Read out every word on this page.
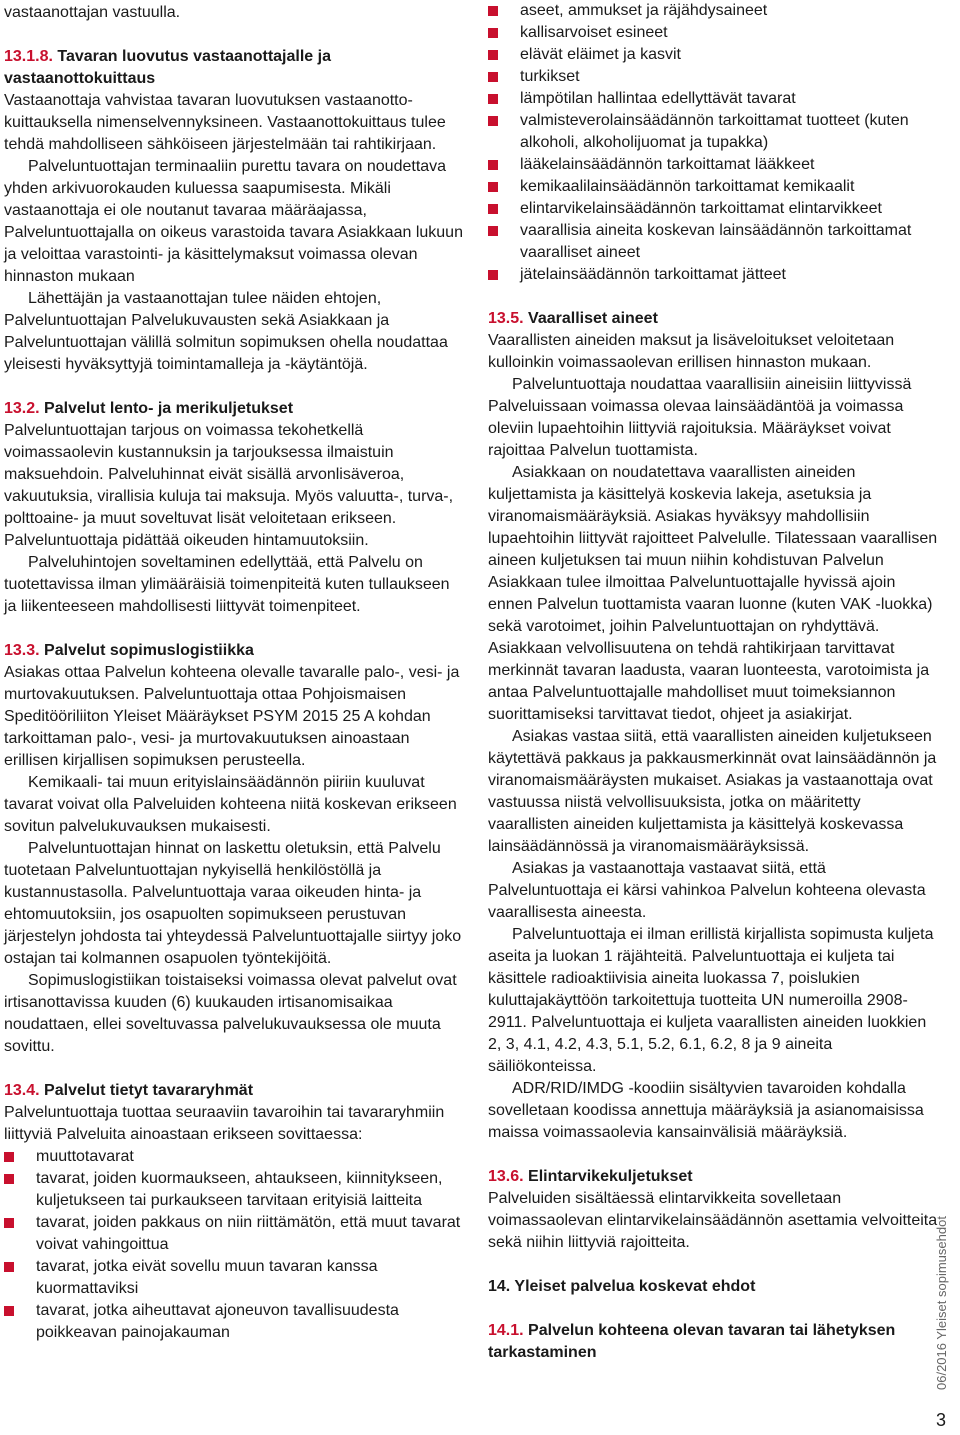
vastaanottajan vastuulla.

13.1.8. Tavaran luovutus vastaanottajalle ja vastaanottokuittaus

Vastaanottaja vahvistaa tavaran luovutuksen vastaanotto-kuittauksella nimenselvennyksineen. Vastaanottokuittaus tulee tehdä mahdolliseen sähköiseen järjestelmään tai rahtikirjaan.

Palveluntuottajan terminaaliin purettu tavara on noudettava yhden arkivuorokauden kuluessa saapumisesta. Mikäli vastaanottaja ei ole noutanut tavaraa määräajassa, Palveluntuottajalla on oikeus varastoida tavara Asiakkaan lukuun ja veloittaa varastointi- ja käsittelymaksut voimassa olevan hinnaston mukaan

Lähettäjän ja vastaanottajan tulee näiden ehtojen, Palveluntuottajan Palvelukuvausten sekä Asiakkaan ja Palveluntuottajan välillä solmitun sopimuksen ohella noudattaa yleisesti hyväksyttyjä toimintamalleja ja -käytäntöjä.

13.2. Palvelut lento- ja merikuljetukset

Palveluntuottajan tarjous on voimassa tekohetkellä voimassaolevin kustannuksin ja tarjouksessa ilmaistuin maksuehdoin. Palveluhinnat eivät sisällä arvonlisäveroa, vakuutuksia, virallisia kuluja tai maksuja. Myös valuutta-, turva-, polttoaine- ja muut soveltuvat lisät veloitetaan erikseen. Palveluntuottaja pidättää oikeuden hintamuutoksiin.

Palveluhintojen soveltaminen edellyttää, että Palvelu on tuotettavissa ilman ylimääräisiä toimenpiteitä kuten tullaukseen ja liikenteeseen mahdollisesti liittyvät toimenpiteet.

13.3. Palvelut sopimuslogistiikka

Asiakas ottaa Palvelun kohteena olevalle tavaralle palo-, vesi- ja murtovakuutuksen. Palveluntuottaja ottaa Pohjoismaisen Speditööriliiton Yleiset Määräykset PSYM 2015 25 A kohdan tarkoittaman palo-, vesi- ja murtovakuutuksen ainoastaan erillisen kirjallisen sopimuksen perusteella.

Kemikaali- tai muun erityislainsäädännön piiriin kuuluvat tavarat voivat olla Palveluiden kohteena niitä koskevan erikseen sovitun palvelukuvauksen mukaisesti.

Palveluntuottajan hinnat on laskettu oletuksin, että Palvelu tuotetaan Palveluntuottajan nykyisellä henkilöstöllä ja kustannustasolla. Palveluntuottaja varaa oikeuden hinta- ja ehtomuutoksiin, jos osapuolten sopimukseen perustuvan järjestelyn johdosta tai yhteydessä Palveluntuottajalle siirtyy joko ostajan tai kolmannen osapuolen työntekijöitä.

Sopimuslogistiikan toistaiseksi voimassa olevat palvelut ovat irtisanottavissa kuuden (6) kuukauden irtisanomisaikaa noudattaen, ellei soveltuvassa palvelukuvauksessa ole muuta sovittu.

13.4. Palvelut tietyt tavararyhmät

Palveluntuottaja tuottaa seuraaviin tavaroihin tai tavararyhmiin liittyviä Palveluita ainoastaan erikseen sovittaessa:

muuttotavarat
tavarat, joiden kuormaukseen, ahtaukseen, kiinnitykseen, kuljetukseen tai purkaukseen tarvitaan erityisiä laitteita
tavarat, joiden pakkaus on niin riittämätön, että muut tavarat voivat vahingoittua
tavarat, jotka eivät sovellu muun tavaran kanssa kuormattaviksi
tavarat, jotka aiheuttavat ajoneuvon tavallisuudesta poikkeavan painojakauman
aseet, ammukset ja räjähdysaineet
kallisarvoiset esineet
elävät eläimet ja kasvit
turkikset
lämpötilan hallintaa edellyttävät tavarat
valmisteverolainsäädännön tarkoittamat tuotteet (kuten alkoholi, alkoholijuomat ja tupakka)
lääkelainsäädännön tarkoittamat lääkkeet
kemikaalilainsäädännön tarkoittamat kemikaalit
elintarvikelainsäädännön tarkoittamat elintarvikkeet
vaarallisia aineita koskevan lainsäädännön tarkoittamat vaaralliset aineet
jätelainsäädännön tarkoittamat jätteet
13.5. Vaaralliset aineet

Vaarallisten aineiden maksut ja lisäveloitukset veloitetaan kulloinkin voimassaolevan erillisen hinnaston mukaan.

Palveluntuottaja noudattaa vaarallisiin aineisiin liittyvissä Palveluissaan voimassa olevaa lainsäädäntöä ja voimassa oleviin lupaehtoihin liittyviä rajoituksia. Määräykset voivat rajoittaa Palvelun tuottamista.

Asiakkaan on noudatettava vaarallisten aineiden kuljettamista ja käsittelyä koskevia lakeja, asetuksia ja viranomaismääräyksiä. Asiakas hyväksyy mahdollisiin lupaehtoihin liittyvät rajoitteet Palvelulle. Tilatessaan vaarallisen aineen kuljetuksen tai muun niihin kohdistuvan Palvelun Asiakkaan tulee ilmoittaa Palveluntuottajalle hyvissä ajoin ennen Palvelun tuottamista vaaran luonne (kuten VAK -luokka) sekä varotoimet, joihin Palveluntuottajan on ryhdyttävä. Asiakkaan velvollisuutena on tehdä rahtikirjaan tarvittavat merkinnät tavaran laadusta, vaaran luonteesta, varotoimista ja antaa Palveluntuottajalle mahdolliset muut toimeksiannon suorittamiseksi tarvittavat tiedot, ohjeet ja asiakirjat.

Asiakas vastaa siitä, että vaarallisten aineiden kuljetukseen käytettävä pakkaus ja pakkausmerkinnät ovat lainsäädännön ja viranomaismääräysten mukaiset. Asiakas ja vastaanottaja ovat vastuussa niistä velvollisuuksista, jotka on määritetty vaarallisten aineiden kuljettamista ja käsittelyä koskevassa lainsäädännössä ja viranomaismääräyksissä.

Asiakas ja vastaanottaja vastaavat siitä, että Palveluntuottaja ei kärsi vahinkoa Palvelun kohteena olevasta vaarallisesta aineesta.

Palveluntuottaja ei ilman erillistä kirjallista sopimusta kuljeta aseita ja luokan 1 räjähteitä. Palveluntuottaja ei kuljeta tai käsittele radioaktiivisia aineita luokassa 7, poislukien kuluttajakäyttöön tarkoitettuja tuotteita UN numeroilla 2908-2911. Palveluntuottaja ei kuljeta vaarallisten aineiden luokkien 2, 3, 4.1, 4.2, 4.3, 5.1, 5.2, 6.1, 6.2, 8 ja 9 aineita säiliökonteissa.

ADR/RID/IMDG -koodiin sisältyvien tavaroiden kohdalla sovelletaan koodissa annettuja määräyksiä ja asianomaisissa maissa voimassaolevia kansainvälisiä määräyksiä.

13.6. Elintarvikekuljetukset

Palveluiden sisältäessä elintarvikkeita sovelletaan voimassaolevan elintarvikelainsäädännön asettamia velvoitteita sekä niihin liittyviä rajoitteita.

14. Yleiset palvelua koskevat ehdot
14.1. Palvelun kohteena olevan tavaran tai lähetyksen tarkastaminen	06/2016 Yleiset sopimusehdot
3
